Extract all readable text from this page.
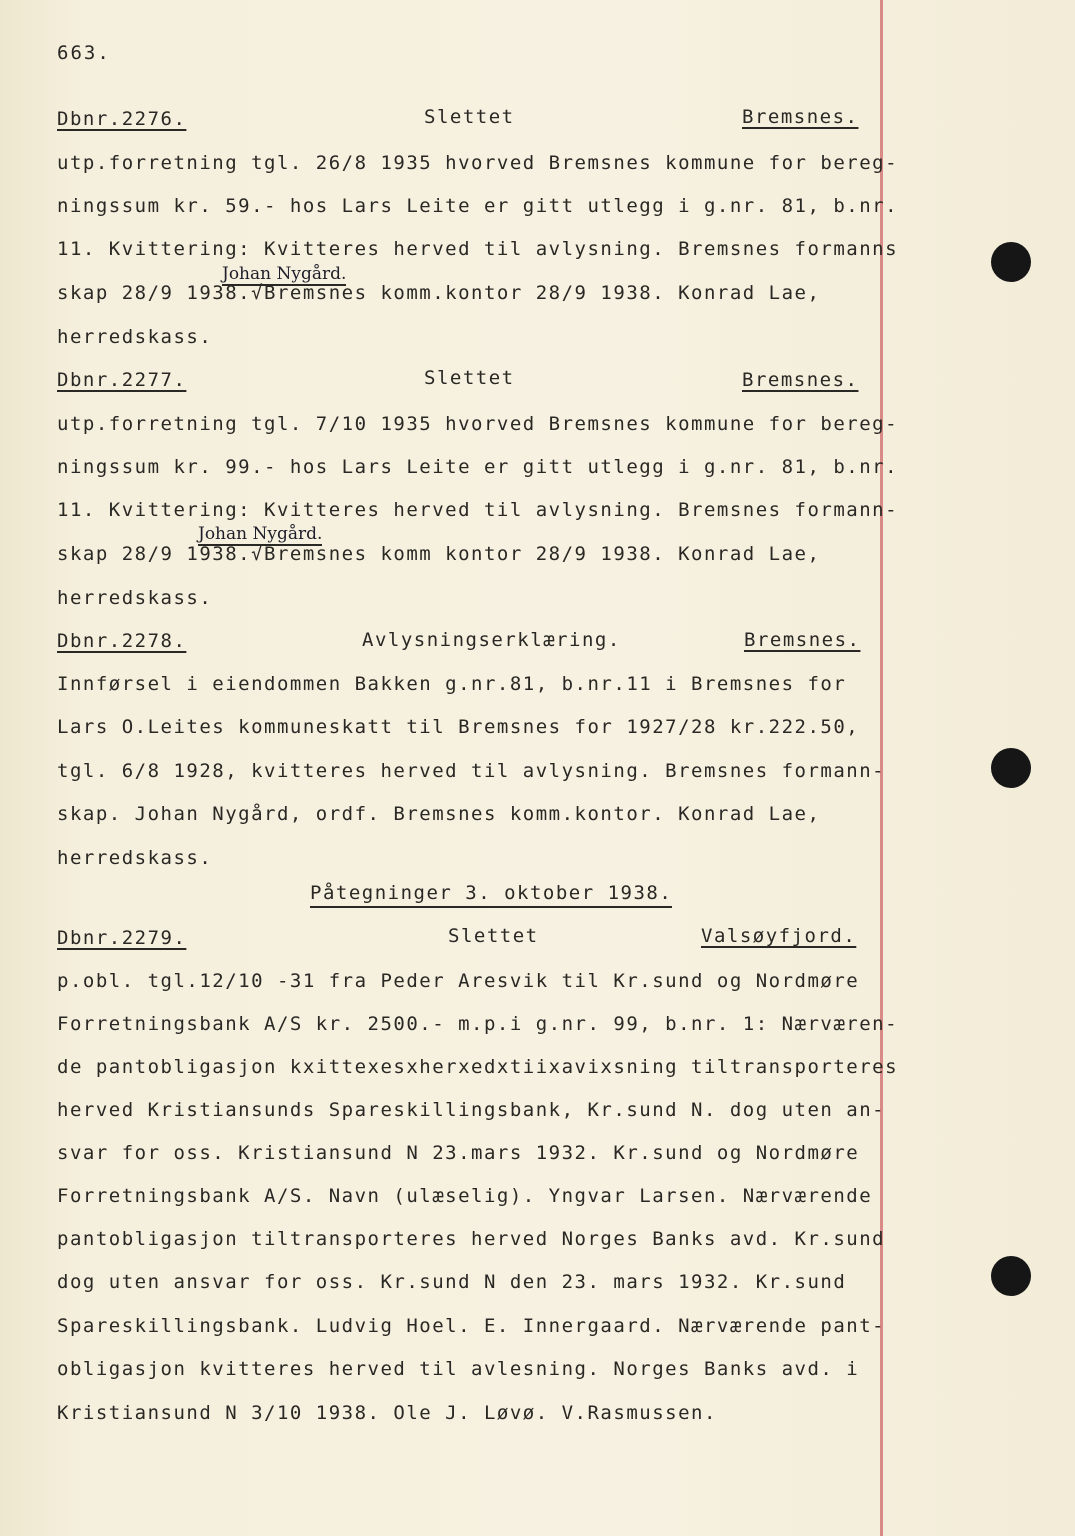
663.
Dbnr.2276.	Slettet	Bremsnes.
utp.forretning tgl. 26/8 1935 hvorved Bremsnes kommune for bereg-
ningssum kr. 59.- hos Lars Leite er gitt utlegg i g.nr. 81, b.nr.
11. Kvittering: Kvitteres herved til avlysning. Bremsnes formanns
Johan Nygård.
skap 28/9 1938.√Bremsnes komm.kontor 28/9 1938. Konrad Lae,
herredskass.
Dbnr.2277.	Slettet	Bremsnes.
utp.forretning tgl. 7/10 1935 hvorved Bremsnes kommune for bereg-
ningssum kr. 99.- hos Lars Leite er gitt utlegg i g.nr. 81, b.nr.
11. Kvittering: Kvitteres herved til avlysning. Bremsnes formann-
Johan Nygård.
skap 28/9 1938.√Bremsnes komm kontor 28/9 1938. Konrad Lae,
herredskass.
Dbnr.2278.	Avlysningserklæring.	Bremsnes.
Innførsel i eiendommen Bakken g.nr.81, b.nr.11 i Bremsnes for
Lars O.Leites kommuneskatt til Bremsnes for 1927/28 kr.222.50,
tgl. 6/8 1928, kvitteres herved til avlysning. Bremsnes formann-
skap. Johan Nygård, ordf. Bremsnes komm.kontor. Konrad Lae,
herredskass.
Påtegninger 3. oktober 1938.
Dbnr.2279.	Slettet	Valsøyfjord.
p.obl. tgl.12/10 -31 fra Peder Aresvik til Kr.sund og Nordmøre
Forretningsbank A/S kr. 2500.- m.p.i g.nr. 99, b.nr. 1: Nærværen-
de pantobligasjon kxittexesxherxedxtiixavixsning tiltransporteres
herved Kristiansunds Spareskillingsbank, Kr.sund N. dog uten an-
svar for oss. Kristiansund N 23.mars 1932. Kr.sund og Nordmøre
Forretningsbank A/S. Navn (ulæselig). Yngvar Larsen. Nærværende
pantobligasjon tiltransporteres herved Norges Banks avd. Kr.sund
dog uten ansvar for oss. Kr.sund N den 23. mars 1932. Kr.sund
Spareskillingsbank. Ludvig Hoel. E. Innergaard. Nærværende pant-
obligasjon kvitteres herved til avlesning. Norges Banks avd. i
Kristiansund N 3/10 1938. Ole J. Løvø. V.Rasmussen.
